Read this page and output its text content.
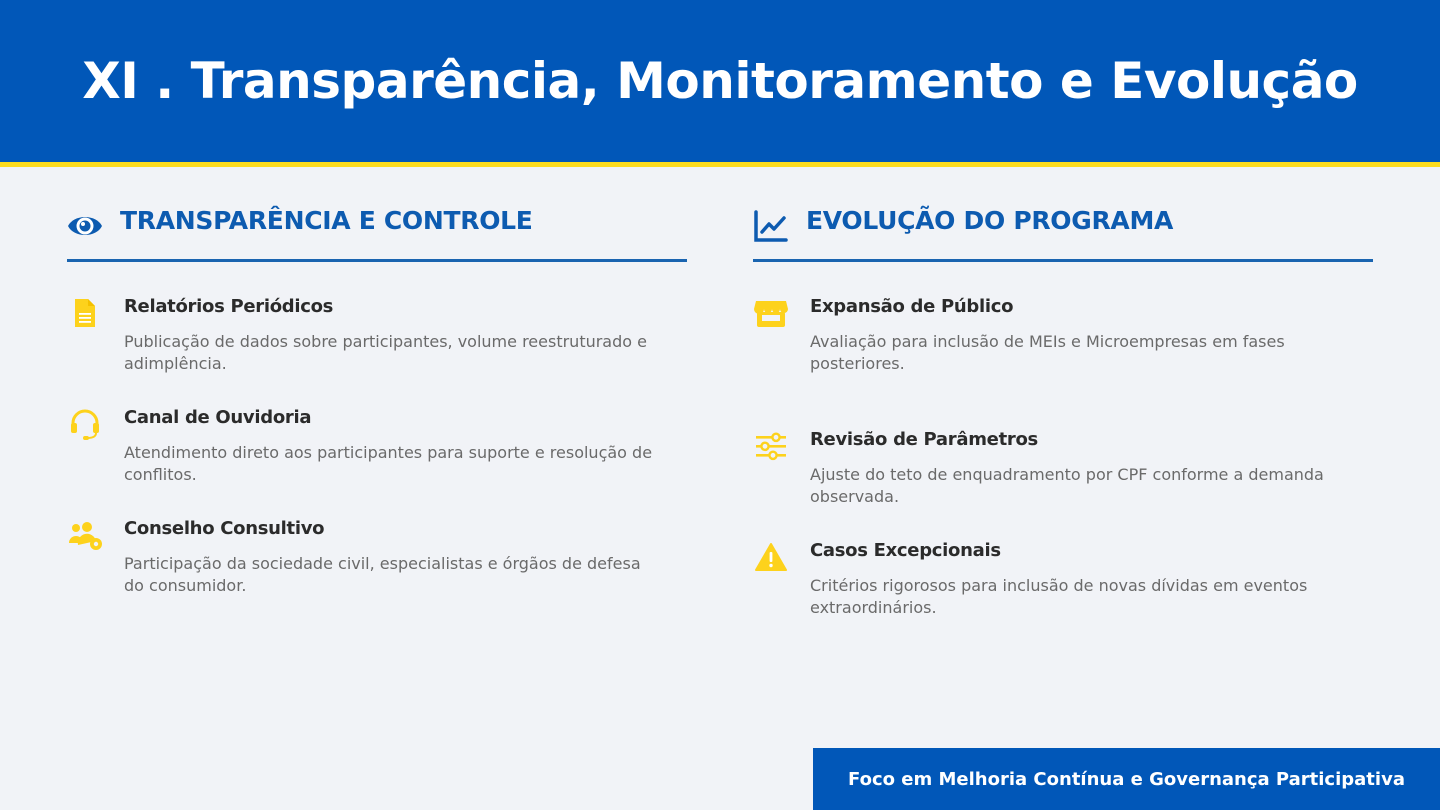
XI . Transparência, Monitoramento e Evolução
TRANSPARÊNCIA E CONTROLE
Relatórios Periódicos

Publicação de dados sobre participantes, volume reestruturado e adimplência.

Canal de Ouvidoria

Atendimento direto aos participantes para suporte e resolução de conflitos.

Conselho Consultivo

Participação da sociedade civil, especialistas e órgãos de defesa do consumidor.

EVOLUÇÃO DO PROGRAMA
Expansão de Público

Avaliação para inclusão de MEIs e Microempresas em fases posteriores.

Revisão de Parâmetros

Ajuste do teto de enquadramento por CPF conforme a demanda observada.

Casos Excepcionais

Critérios rigorosos para inclusão de novas dívidas em eventos extraordinários.

Foco em Melhoria Contínua e Governança Participativa
